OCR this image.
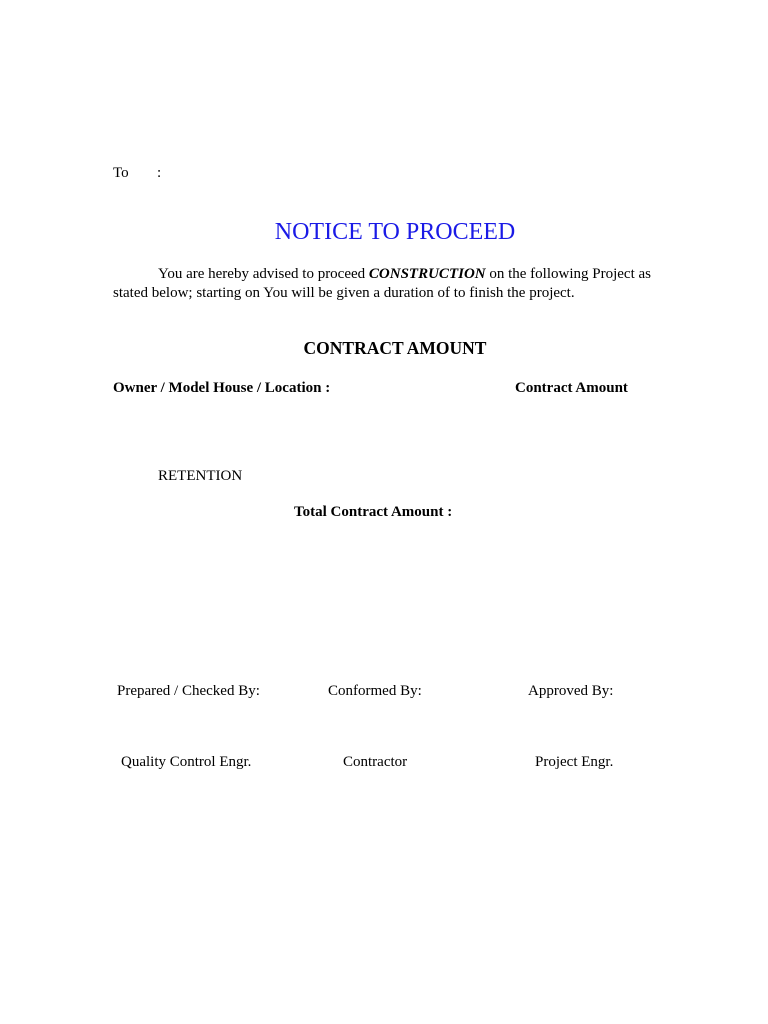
To :
NOTICE TO PROCEED
You are hereby advised to proceed CONSTRUCTION on the following Project as stated below; starting on You will be given a duration of to finish the project.
CONTRACT AMOUNT
Owner / Model House / Location :	Contract Amount
RETENTION
Total Contract Amount :
Prepared / Checked By:	Conformed By:	Approved By:
Quality Control Engr.	Contractor	Project Engr.
